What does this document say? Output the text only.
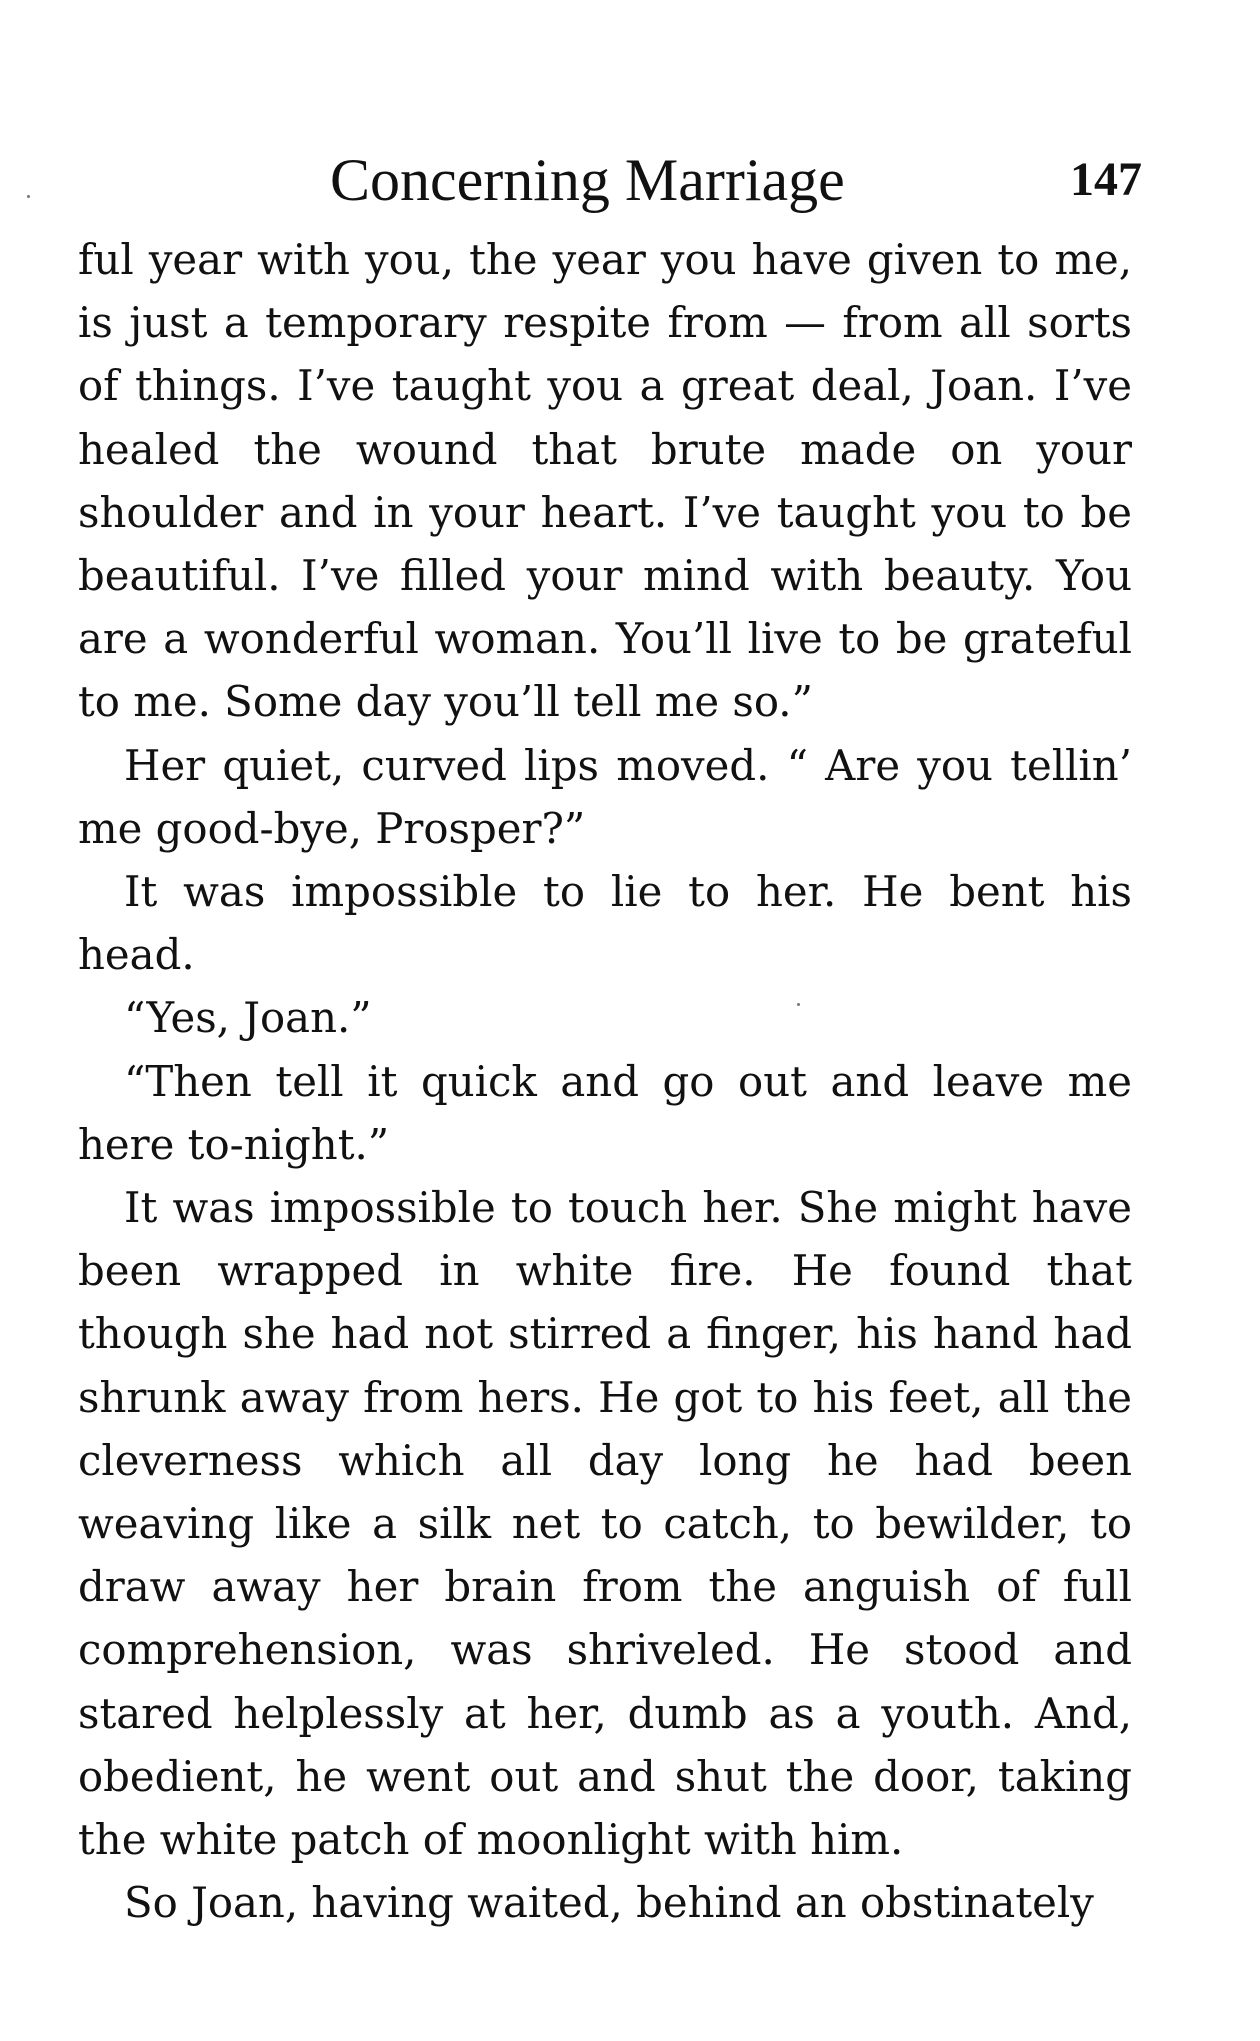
Concerning Marriage	147

ful year with you, the year you have given to me, is just a temporary respite from — from all sorts of things. I’ve taught you a great deal, Joan. I’ve healed the wound that brute made on your shoulder and in your heart. I’ve taught you to be beautiful. I’ve filled your mind with beauty. You are a wonderful woman. You’ll live to be grateful to me. Some day you’ll tell me so.”

Her quiet, curved lips moved. “ Are you tellin’ me good-bye, Prosper?”

It was impossible to lie to her. He bent his head.

“Yes, Joan.”

“Then tell it quick and go out and leave me here to-night.”

It was impossible to touch her. She might have been wrapped in white fire. He found that though she had not stirred a finger, his hand had shrunk away from hers. He got to his feet, all the cleverness which all day long he had been weaving like a silk net to catch, to bewilder, to draw away her brain from the anguish of full comprehension, was shriveled. He stood and stared helplessly at her, dumb as a youth. And, obedient, he went out and shut the door, taking the white patch of moonlight with him.

So Joan, having waited, behind an obstinately
